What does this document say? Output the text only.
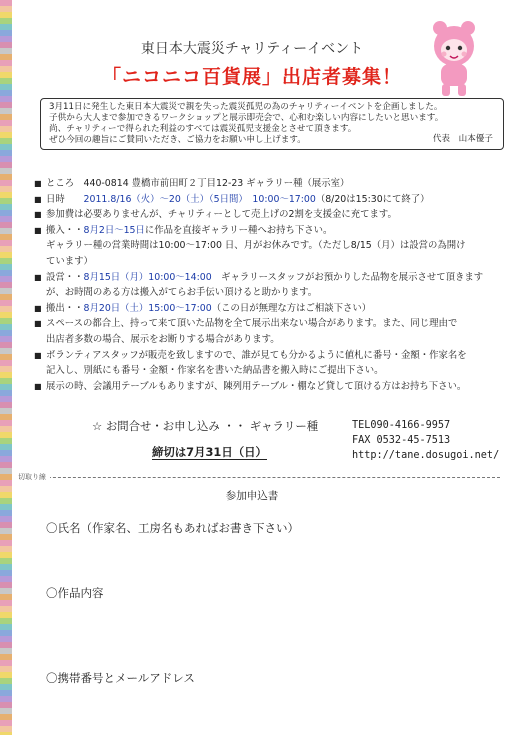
東日本大震災チャリティーイベント
「ニコニコ百貨展」出店者募集！
3月11日に発生した東日本大震災で親を失った震災孤児の為のチャリティーイベントを企画しました。
子供から大人まで参加できるワークショップと展示即売会で、心和む楽しい内容にしたいと思います。
尚、チャリティーで得られた利益のすべては震災孤児支援金とさせて頂きます。
ぜひ今回の趣旨にご賛同いただき、ご協力をお願い申し上げます。	代表　山本優子
■ ところ　 440-0814 豊橋市前田町２丁目12-23 ギャラリー種（展示室）
■ 日時　　 2011.8/16（火）～20（土）（5日間）　10:00～17:00（8/20は15:30にて終了）
■ 参加費は必要ありませんが、チャリティーとして売上げの2割を支援金に充てます。
■ 搬入・・8月2日～15日に作品を直接ギャラリー種へお持ち下さい。
ギャラリー種の営業時間は10:00～17:00 日、月がお休みです。（ただし8/15（月）は設営の為開け
ています）
■ 設営・・8月15日（月）10:00～14:00　ギャラリースタッフがお預かりした品物を展示させて頂きます
が、お時間のある方は搬入がてらお手伝い頂けると助かります。
■ 搬出・・8月20日（土）15:00～17:00（この日が無理な方はご相談下さい）
■ スペースの都合上、持って来て頂いた品物を全て展示出来ない場合があります。また、同じ理由で
出店者多数の場合、展示をお断りする場合があります。
■ ボランティアスタッフが販売を致しますので、誰が見ても分かるように値札に番号・金額・作家名を
記入し、別紙にも番号・金額・作家名を書いた納品書を搬入時にご提出下さい。
■ 展示の時、会議用テーブルもありますが、陳列用テーブル・棚など貸して頂ける方はお持ち下さい。
☆ お問合せ・お申し込み ・・ ギャラリー種
締切は7月31日（日）
TEL090-4166-9957
FAX 0532-45-7513
http://tane.dosugoi.net/
切取り線
参加申込書
〇氏名（作家名、工房名もあればお書き下さい）
〇作品内容
〇携帯番号とメールアドレス
